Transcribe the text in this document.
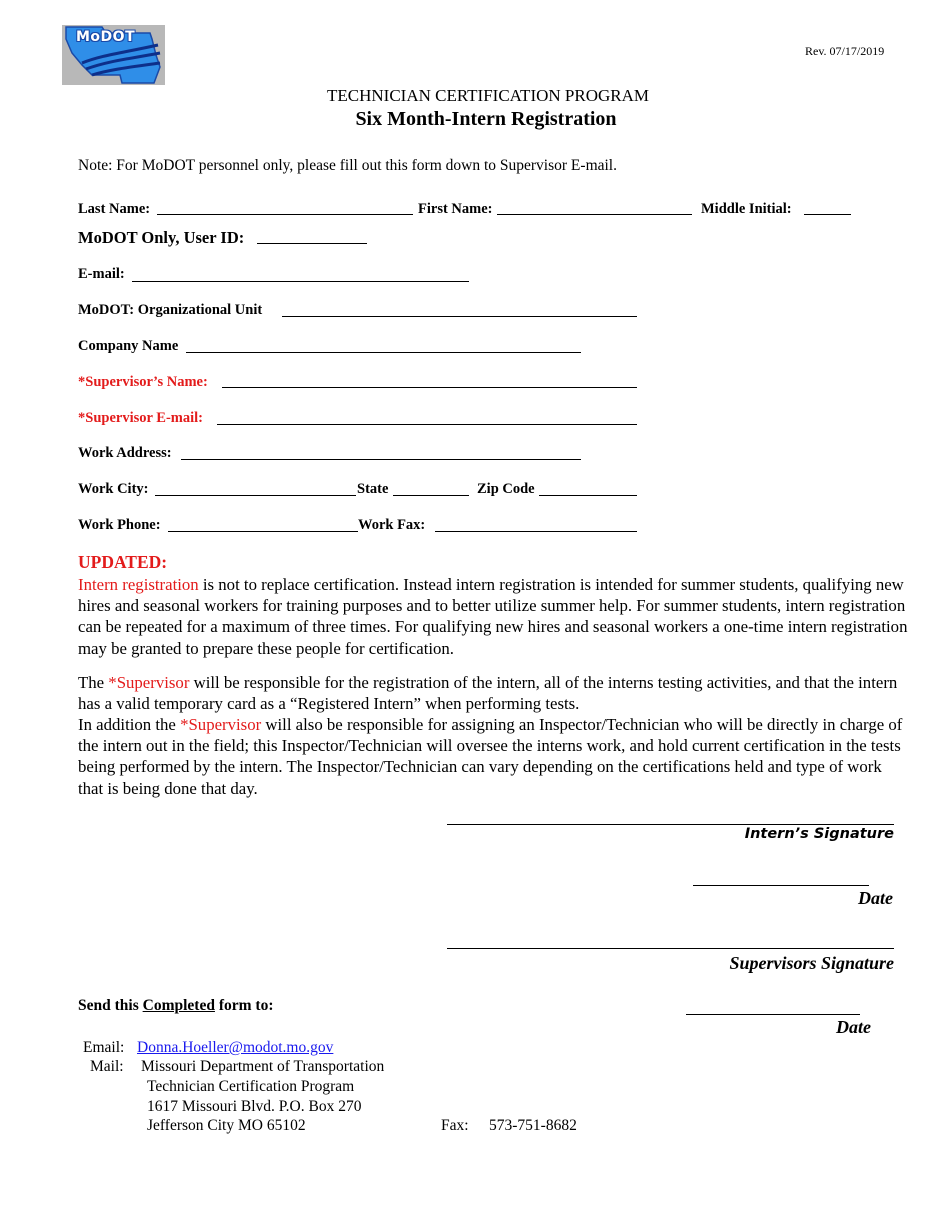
MoDOT
Rev. 07/17/2019
TECHNICIAN CERTIFICATION PROGRAM
Six Month-Intern Registration
Note: For MoDOT personnel only, please fill out this form down to Supervisor E-mail.
Last Name:	First Name:	Middle Initial:
MoDOT Only, User ID:
E-mail:
MoDOT: Organizational Unit
Company Name
*Supervisor’s Name:
*Supervisor E-mail:
Work Address:
Work City:	State	Zip Code
Work Phone:	Work Fax:
UPDATED:
Intern registration is not to replace certification. Instead intern registration is intended for summer students, qualifying new hires and seasonal workers for training purposes and to better utilize summer help. For summer students, intern registration can be repeated for a maximum of three times. For qualifying new hires and seasonal workers a one-time intern registration may be granted to prepare these people for certification.
The *Supervisor will be responsible for the registration of the intern, all of the interns testing activities, and that the intern has a valid temporary card as a “Registered Intern” when performing tests.
In addition the *Supervisor will also be responsible for assigning an Inspector/Technician who will be directly in charge of the intern out in the field; this Inspector/Technician will oversee the interns work, and hold current certification in the tests being performed by the intern. The Inspector/Technician can vary depending on the certifications held and type of work that is being done that day.
Intern’s Signature
Date
Supervisors Signature
Date
Send this Completed form to:
Email: Donna.Hoeller@modot.mo.gov
Mail: Missouri Department of Transportation
Technician Certification Program
1617 Missouri Blvd. P.O. Box 270
Jefferson City MO 65102	Fax: 573-751-8682
